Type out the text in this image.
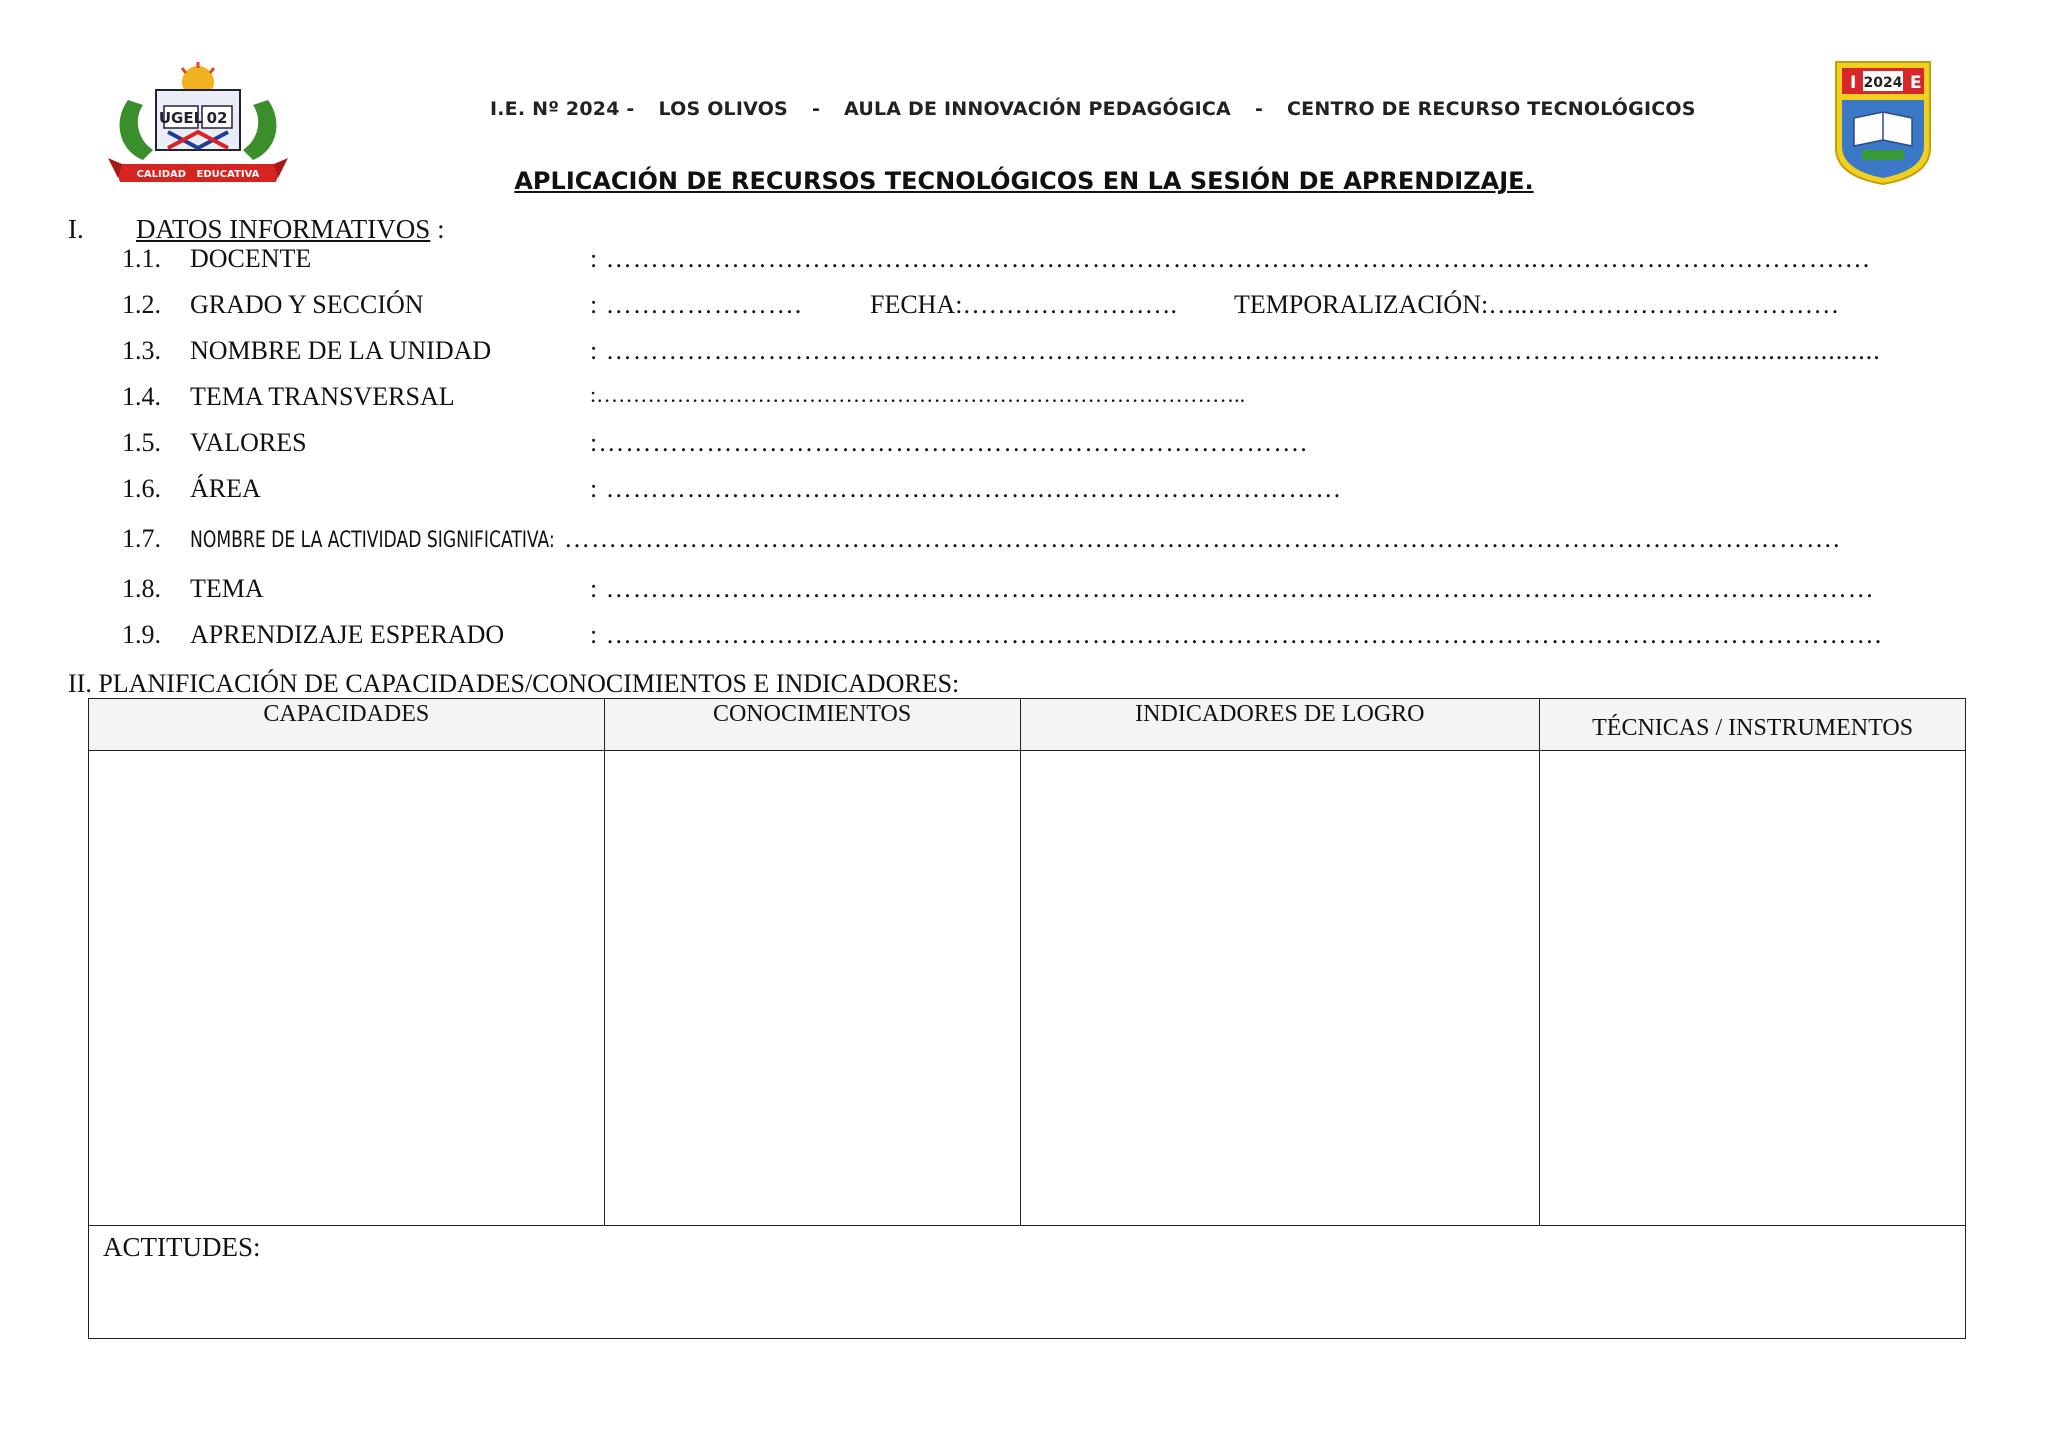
UGEL 02
CALIDAD   EDUCATIVA
I 2024 E
I.E. Nº 2024 - LOS OLIVOS - AULA DE INNOVACIÓN PEDAGÓGICA - CENTRO DE RECURSO TECNOLÓGICOS
APLICACIÓN DE RECURSOS TECNOLÓGICOS EN LA SESIÓN DE APRENDIZAJE.
I. DATOS INFORMATIVOS :
1.1. DOCENTE	: …………………………………………………………………………………………..……………………………….
1.2. GRADO Y SECCIÓN	: ………………….	FECHA:……………………. TEMPORALIZACIÓN:…..………………………………
1.3. NOMBRE DE LA UNIDAD	: …………………………………………………………………………………………………………..........................
1.4. TEMA TRANSVERSAL	:……………………………………………………………………………..
1.5. VALORES	:…………………………………………………………………….
1.6. ÁREA	: ………………………………………….……………………………
1.7. NOMBRE DE LA ACTIVIDAD SIGNIFICATIVA: …………………………………………………………………………………………………………………………….
1.8. TEMA	: ……………………………………………………………………………………………………………………………
1.9. APRENDIZAJE ESPERADO	: …………………………………………………………………………………………………………………………….
II. PLANIFICACIÓN DE CAPACIDADES/CONOCIMIENTOS E INDICADORES:
CAPACIDADES	CONOCIMIENTOS	INDICADORES DE LOGRO	TÉCNICAS / INSTRUMENTOS

ACTITUDES:			
